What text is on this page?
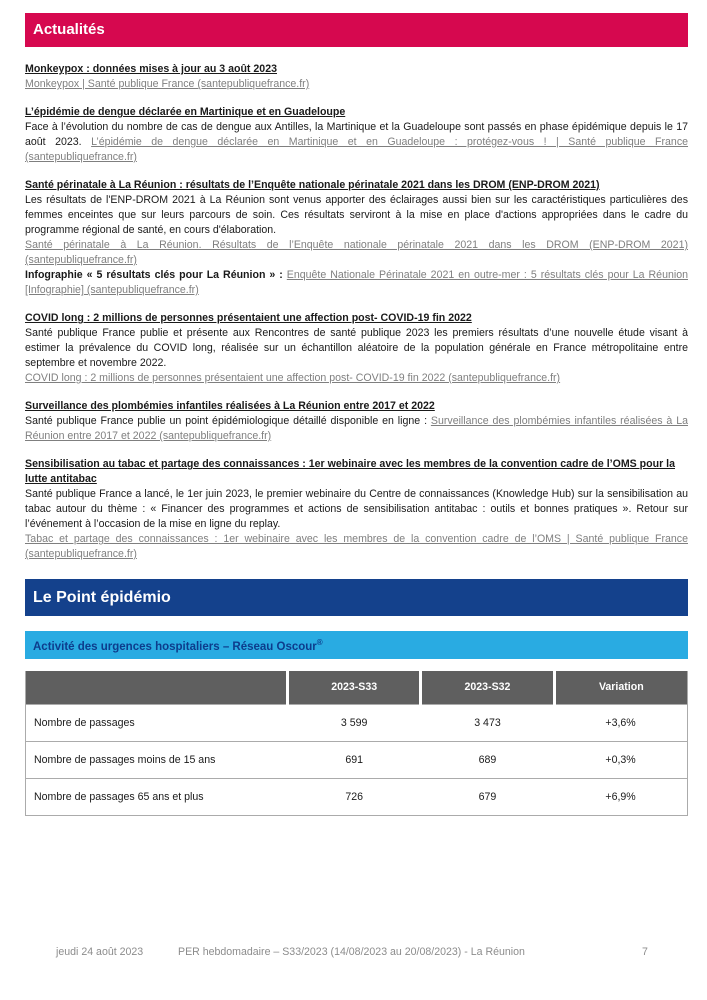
Actualités

Monkeypox : données mises à jour au 3 août 2023

Monkeypox | Santé publique France (santepubliquefrance.fr)

L’épidémie de dengue déclarée en Martinique et en Guadeloupe

Face à l’évolution du nombre de cas de dengue aux Antilles, la Martinique et la Guadeloupe sont passés en phase épidémique depuis le 17 août 2023. L’épidémie de dengue déclarée en Martinique et en Guadeloupe : protégez-vous ! | Santé publique France (santepubliquefrance.fr)

Santé périnatale à La Réunion : résultats de l’Enquête nationale périnatale 2021 dans les DROM (ENP-DROM 2021)

Les résultats de l'ENP-DROM 2021 à La Réunion sont venus apporter des éclairages aussi bien sur les caractéristiques particulières des femmes enceintes que sur leurs parcours de soin. Ces résultats serviront à la mise en place d'actions appropriées dans le cadre du programme régional de santé, en cours d'élaboration.

Santé périnatale à La Réunion. Résultats de l’Enquête nationale périnatale 2021 dans les DROM (ENP-DROM 2021) (santepubliquefrance.fr)

Infographie « 5 résultats clés pour La Réunion » : Enquête Nationale Périnatale 2021 en outre-mer : 5 résultats clés pour La Réunion [Infographie] (santepubliquefrance.fr)

COVID long : 2 millions de personnes présentaient une affection post- COVID-19 fin 2022

Santé publique France publie et présente aux Rencontres de santé publique 2023 les premiers résultats d’une nouvelle étude visant à estimer la prévalence du COVID long, réalisée sur un échantillon aléatoire de la population générale en France métropolitaine entre septembre et novembre 2022.

COVID long : 2 millions de personnes présentaient une affection post- COVID-19 fin 2022 (santepubliquefrance.fr)

Surveillance des plombémies infantiles réalisées à La Réunion entre 2017 et 2022

Santé publique France publie un point épidémiologique détaillé disponible en ligne : Surveillance des plombémies infantiles réalisées à La Réunion entre 2017 et 2022 (santepubliquefrance.fr)

Sensibilisation au tabac et partage des connaissances : 1er webinaire avec les membres de la convention cadre de l’OMS pour la lutte antitabac

Santé publique France a lancé, le 1er juin 2023, le premier webinaire du Centre de connaissances (Knowledge Hub) sur la sensibilisation au tabac autour du thème : « Financer des programmes et actions de sensibilisation antitabac : outils et bonnes pratiques ». Retour sur l’événement à l’occasion de la mise en ligne du replay.

Tabac et partage des connaissances : 1er webinaire avec les membres de la convention cadre de l’OMS | Santé publique France (santepubliquefrance.fr)

Le Point épidémio
Activité des urgences hospitaliers – Réseau Oscour®
	2023-S33	2023-S32	Variation
Nombre de passages	3 599	3 473	+3,6%
Nombre de passages moins de 15 ans	691	689	+0,3%
Nombre de passages 65 ans et plus	726	679	+6,9%
jeudi 24 août 2023	PER hebdomadaire – S33/2023 (14/08/2023 au 20/08/2023) - La Réunion	7
